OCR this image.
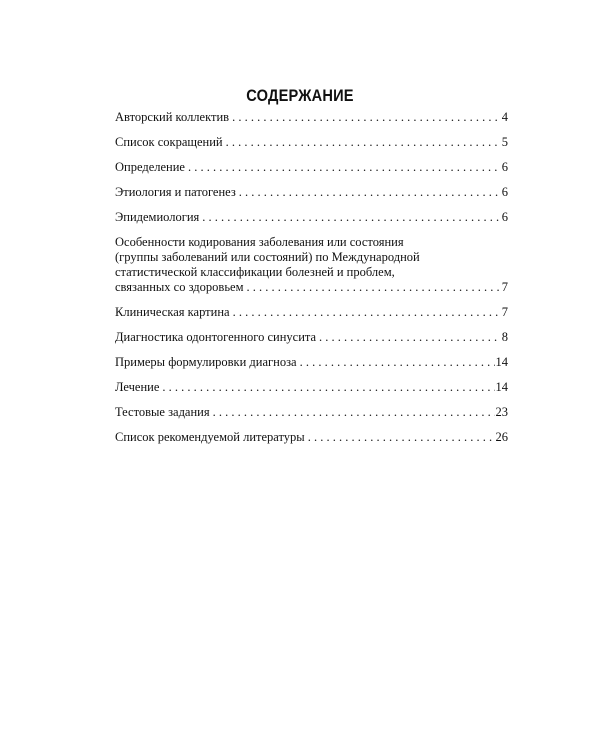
СОДЕРЖАНИЕ
Авторский коллектив . . .	4
Список сокращений . . .	5
Определение . . .	6
Этиология и патогенез . . .	6
Эпидемиология . . .	6
Особенности кодирования заболевания или состояния
(группы заболеваний или состояний) по Международной
статистической классификации болезней и проблем,
связанных со здоровьем . . .	7
Клиническая картина . . .	7
Диагностика одонтогенного синусита . . .	8
Примеры формулировки диагноза . . .	14
Лечение . . .	14
Тестовые задания . . .	23
Список рекомендуемой литературы . . .	26
